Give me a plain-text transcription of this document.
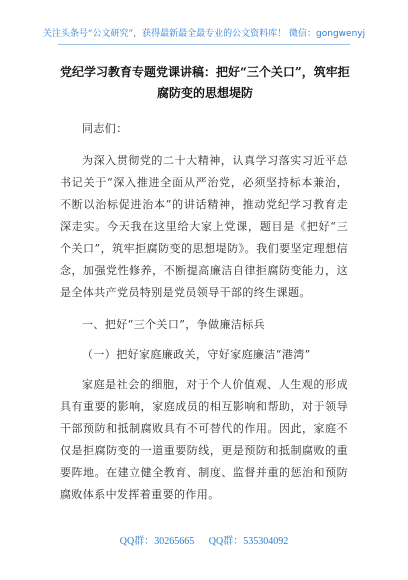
关注头条号“公文研究”，获得最新最全最专业的公文资料库！ 微信：gongwenyj
党纪学习教育专题党课讲稿：把好“三个关口”，筑牢拒
腐防变的思想堤防
同志们：
为深入贯彻党的二十大精神，认真学习落实习近平总书记关于“深入推进全面从严治党，必须坚持标本兼治，不断以治标促进治本”的讲话精神，推动党纪学习教育走深走实。今天我在这里给大家上党课，题目是《把好“三个关口”，筑牢拒腐防变的思想堤防》。我们要坚定理想信念，加强党性修养，不断提高廉洁自律拒腐防变能力，这是全体共产党员特别是党员领导干部的终生课题。
一、把好“三个关口”，争做廉洁标兵
（一）把好家庭廉政关，守好家庭廉洁“港湾”
家庭是社会的细胞，对于个人价值观、人生观的形成具有重要的影响，家庭成员的相互影响和帮助，对于领导干部预防和抵制腐败具有不可替代的作用。因此，家庭不仅是拒腐防变的一道重要防线，更是预防和抵制腐败的重要阵地。在建立健全教育、制度、监督并重的惩治和预防腐败体系中发挥着重要的作用。
QQ群：30265665 QQ群：535304092
